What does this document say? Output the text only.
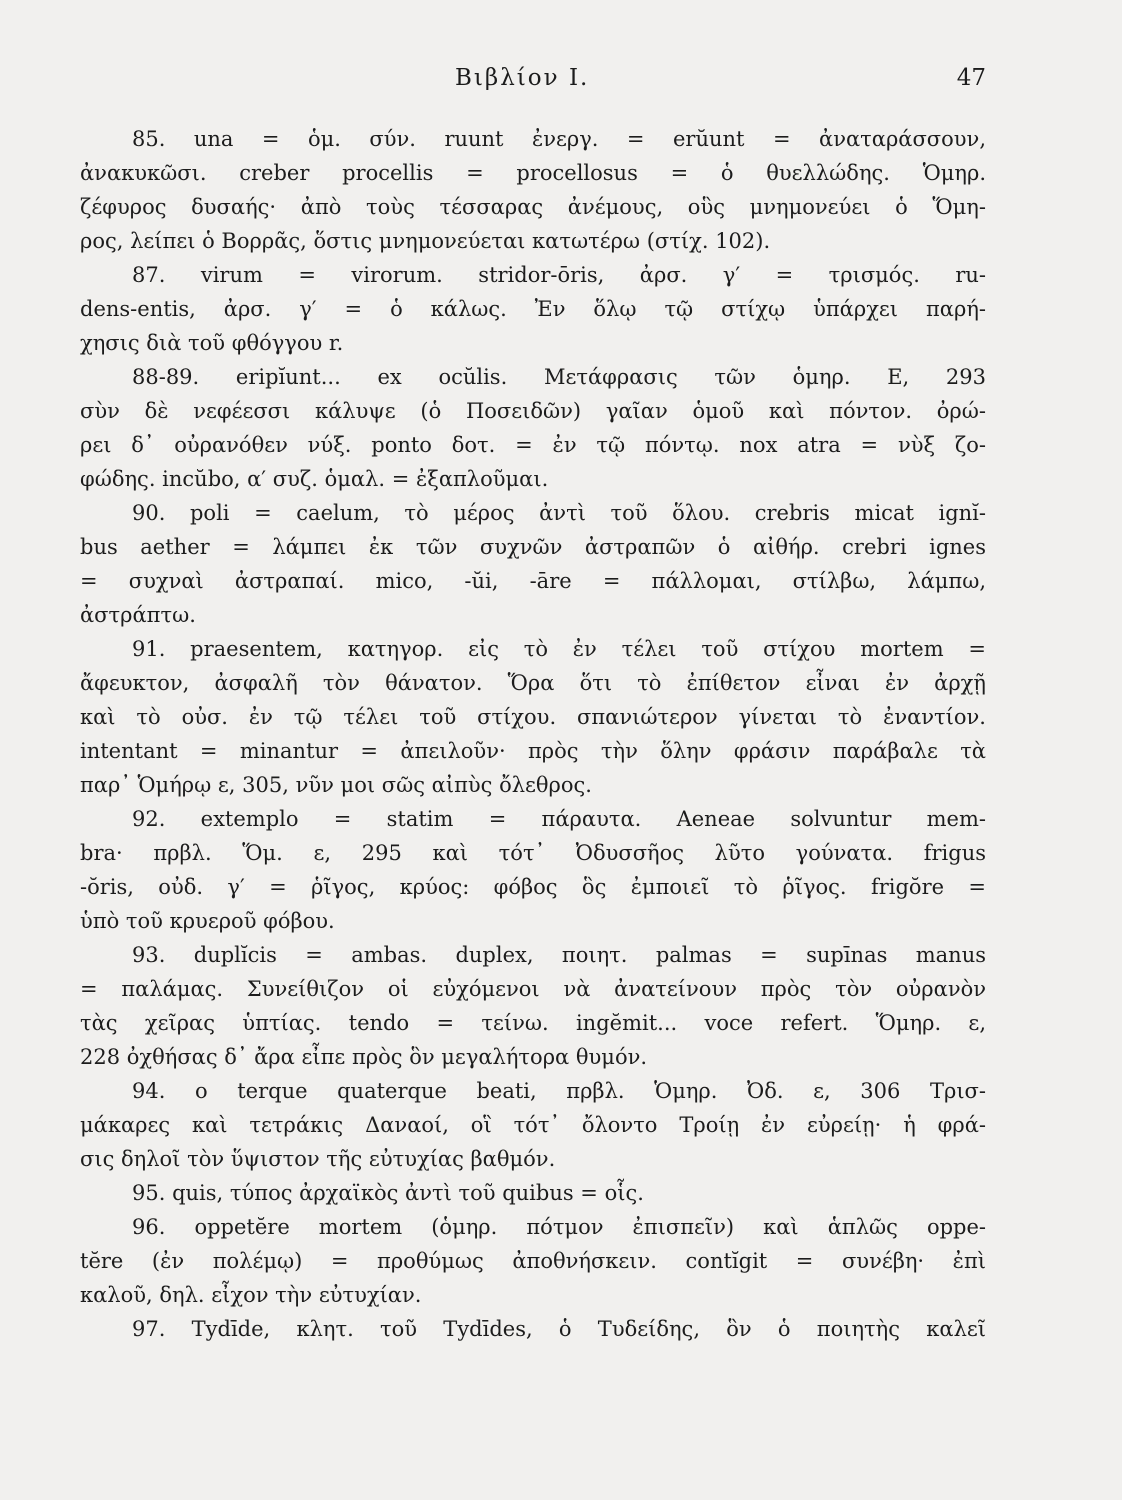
Βιβλίον Ι.	47
85. una = ὁμ. σύν. ruunt ἐνεργ. = erŭunt = ἀναταράσσουν,
ἀνακυκῶσι. creber procellis = procellosus = ὁ θυελλώδης. Ὁμηρ.
ζέφυρος δυσαής· ἀπὸ τοὺς τέσσαρας ἀνέμους, οὓς μνημονεύει ὁ Ὅμη-
ρος, λείπει ὁ Βορρᾶς, ὅστις μνημονεύεται κατωτέρω (στίχ. 102).
87. virum = virorum. stridor-ōris, ἀρσ. γ′ = τρισμός. ru-
dens-entis, ἀρσ. γ′ = ὁ κάλως. Ἐν ὅλῳ τῷ στίχῳ ὑπάρχει παρή-
χησις διὰ τοῦ φθόγγου r.
88-89. eripĭunt... ex ocŭlis. Μετάφρασις τῶν ὁμηρ. Ε, 293
σὺν δὲ νεφέεσσι κάλυψε (ὁ Ποσειδῶν) γαῖαν ὁμοῦ καὶ πόντον. ὀρώ-
ρει δ᾽ οὐρανόθεν νύξ. ponto δοτ. = ἐν τῷ πόντῳ. nox atra = νὺξ ζο-
φώδης. incŭbo, α′ συζ. ὁμαλ. = ἐξαπλοῦμαι.
90. poli = caelum, τὸ μέρος ἀντὶ τοῦ ὅλου. crebris micat ignĭ-
bus aether = λάμπει ἐκ τῶν συχνῶν ἀστραπῶν ὁ αἰθήρ. crebri ignes
= συχναὶ ἀστραπαί. mico, -ŭi, -āre = πάλλομαι, στίλβω, λάμπω,
ἀστράπτω.
91. praesentem, κατηγορ. εἰς τὸ ἐν τέλει τοῦ στίχου mortem =
ἄφευκτον, ἀσφαλῆ τὸν θάνατον. Ὅρα ὅτι τὸ ἐπίθετον εἶναι ἐν ἀρχῇ
καὶ τὸ οὐσ. ἐν τῷ τέλει τοῦ στίχου. σπανιώτερον γίνεται τὸ ἐναντίον.
intentant = minantur = ἀπειλοῦν· πρὸς τὴν ὅλην φράσιν παράβαλε τὰ
παρ᾽ Ὁμήρῳ ε, 305, νῦν μοι σῶς αἰπὺς ὄλεθρος.
92. extemplo = statim = πάραυτα. Aeneae solvuntur mem-
bra· πρβλ. Ὅμ. ε, 295 καὶ τότ᾽ Ὀδυσσῆος λῦτο γούνατα. frigus
-ŏris, οὐδ. γ′ = ῥῖγος, κρύος: φόβος ὃς ἐμποιεῖ τὸ ῥῖγος. frigŏre =
ὑπὸ τοῦ κρυεροῦ φόβου.
93. duplĭcis = ambas. duplex, ποιητ. palmas = supīnas manus
= παλάμας. Συνείθιζον οἱ εὐχόμενοι νὰ ἀνατείνουν πρὸς τὸν οὐρανὸν
τὰς χεῖρας ὑπτίας. tendo = τείνω. ingĕmit... voce refert. Ὅμηρ. ε,
228 ὀχθήσας δ᾽ ἄρα εἶπε πρὸς ὃν μεγαλήτορα θυμόν.
94. o terque quaterque beati, πρβλ. Ὁμηρ. Ὀδ. ε, 306 Τρισ-
μάκαρες καὶ τετράκις Δαναοί, οἳ τότ᾽ ὄλοντο Τροίῃ ἐν εὐρείῃ· ἡ φρά-
σις δηλοῖ τὸν ὕψιστον τῆς εὐτυχίας βαθμόν.
95. quis, τύπος ἀρχαϊκὸς ἀντὶ τοῦ quibus = οἷς.
96. oppetĕre mortem (ὁμηρ. πότμον ἐπισπεῖν) καὶ ἁπλῶς oppe-
tĕre (ἐν πολέμῳ) = προθύμως ἀποθνήσκειν. contĭgit = συνέβη· ἐπὶ
καλοῦ, δηλ. εἶχον τὴν εὐτυχίαν.
97. Tydīde, κλητ. τοῦ Tydīdes, ὁ Τυδείδης, ὃν ὁ ποιητὴς καλεῖ
